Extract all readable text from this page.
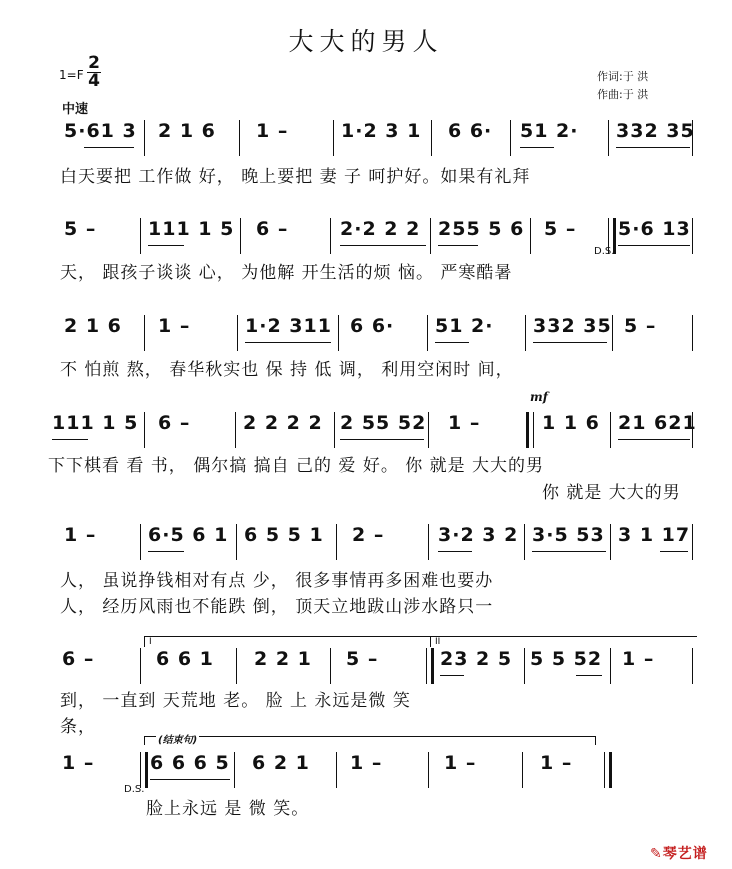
大大的男人
1=F
2
4	作词:于 洪
作曲:于 洪
中速
5·61 3 2 1 6 1 –	1·2 3 1 6 6· 51 2· 332 35
白天要把 工作做 好， 晚上要把 妻 子 呵护好。如果有礼拜
5 –	111 1 5 6 –	2·2 2 2 255 5 6 5 – 5·6 13
D.S.
天， 跟孩子谈谈 心， 为他解 开生活的烦 恼。 严寒酷暑
2 1 6 1 –	1·2 311 6 6· 51 2· 332 35 5 –
不 怕煎 熬， 春华秋实也 保 持 低 调， 利用空闲时 间，
111 1 5 6 –	2 2 2 2 2 55 52 1 –	1 1 6 21 621
mf
下下棋看 看 书， 偶尔搞 搞自 己的 爱 好。 你 就是 大大的男
你 就是 大大的男
1 –	6·5 6 1 6 5 5 1 2 –	3·2 3 2 3·5 53 3 1 17
人， 虽说挣钱相对有点 少， 很多事情再多困难也要办
人， 经历风雨也不能跌 倒， 顶天立地跋山涉水路只一
I	II
6 –	6 6 1 2 2 1 5 –	23 2 5 5 5 52 1 –
到， 一直到 天荒地 老。 脸 上 永远是微 笑
条，
(结束句)
1 –	6 6 6 5 6 2 1 1 –	1 –	1 –
D.S.
脸上永远 是 微 笑。
✎琴艺谱
